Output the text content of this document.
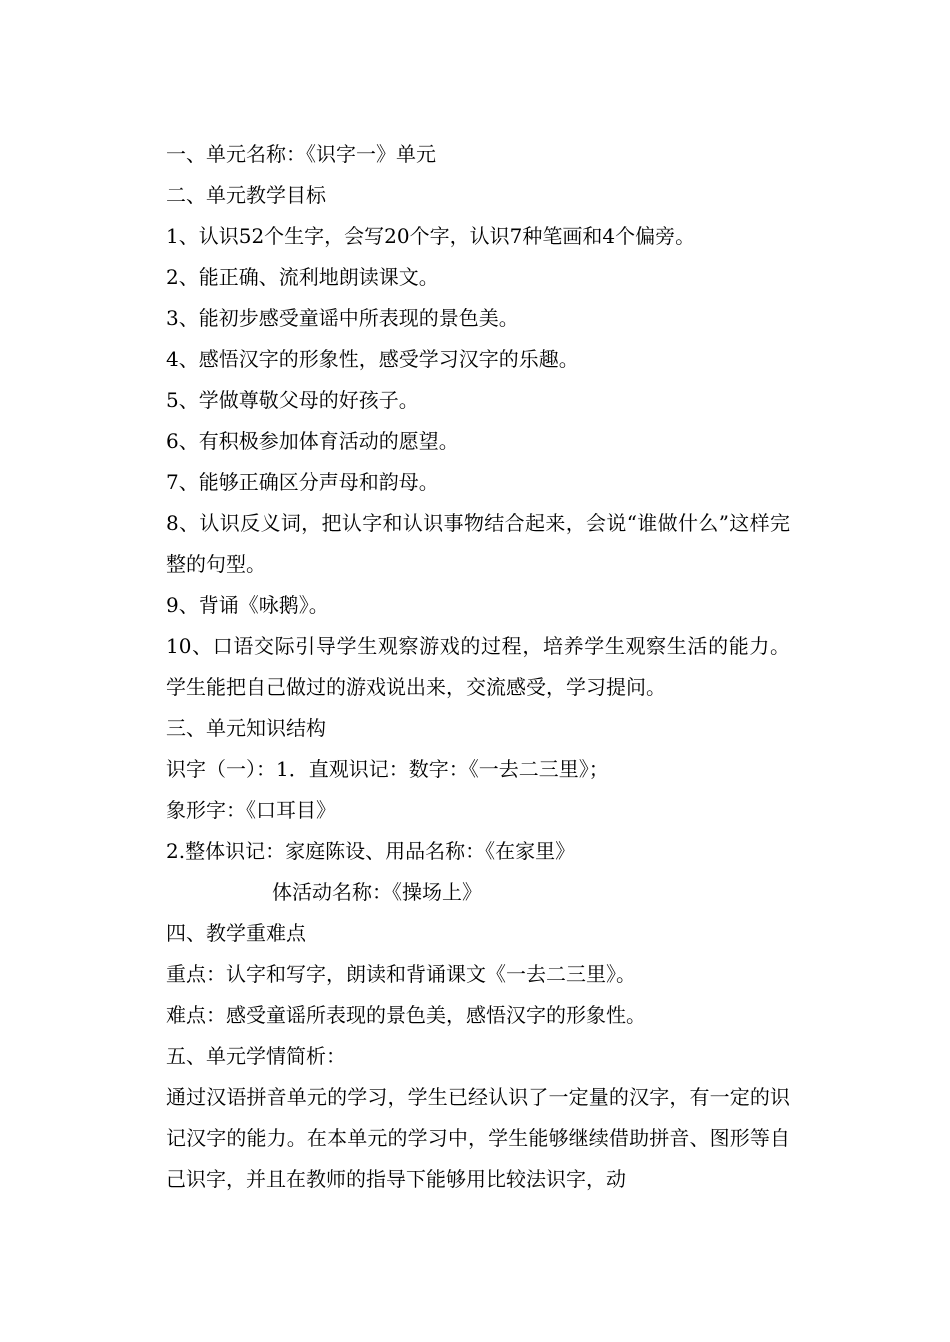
一、单元名称：《识字一》单元
二、单元教学目标
1、认识52个生字，会写20个字，认识7种笔画和4个偏旁。
2、能正确、流利地朗读课文。
3、能初步感受童谣中所表现的景色美。
4、感悟汉字的形象性，感受学习汉字的乐趣。
5、学做尊敬父母的好孩子。
6、有积极参加体育活动的愿望。
7、能够正确区分声母和韵母。
8、认识反义词，把认字和认识事物结合起来，会说“谁做什么”这样完整的句型。
9、背诵《咏鹅》。
10、口语交际引导学生观察游戏的过程，培养学生观察生活的能力。学生能把自己做过的游戏说出来，交流感受，学习提问。
三、单元知识结构
识字（一）：1．直观识记：数字：《一去二三里》；
象形字：《口耳目》
2.整体识记：家庭陈设、用品名称：《在家里》
体活动名称：《操场上》
四、教学重难点
重点：认字和写字，朗读和背诵课文《一去二三里》。
难点：感受童谣所表现的景色美，感悟汉字的形象性。
五、单元学情简析：
通过汉语拼音单元的学习，学生已经认识了一定量的汉字，有一定的识记汉字的能力。在本单元的学习中，学生能够继续借助拼音、图形等自己识字，并且在教师的指导下能够用比较法识字，动
